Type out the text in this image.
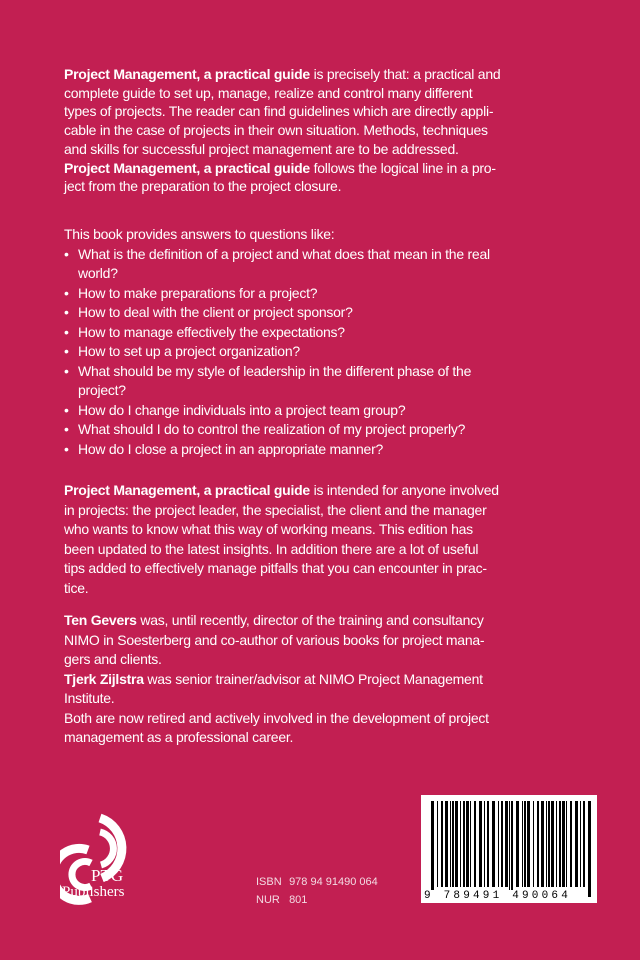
Project Management, a practical guide is precisely that: a practical and
complete guide to set up, manage, realize and control many different
types of projects. The reader can find guidelines which are directly appli-
cable in the case of projects in their own situation. Methods, techniques
and skills for successful project management are to be addressed.
Project Management, a practical guide follows the logical line in a pro-
ject from the preparation to the project closure.
This book provides answers to questions like:
• What is the definition of a project and what does that mean in the real
world?
• How to make preparations for a project?
• How to deal with the client or project sponsor?
• How to manage effectively the expectations?
• How to set up a project organization?
• What should be my style of leadership in the different phase of the
project?
• How do I change individuals into a project team group?
• What should I do to control the realization of my project properly?
• How do I close a project in an appropriate manner?
Project Management, a practical guide is intended for anyone involved
in projects: the project leader, the specialist, the client and the manager
who wants to know what this way of working means. This edition has
been updated to the latest insights. In addition there are a lot of useful
tips added to effectively manage pitfalls that you can encounter in prac-
tice.
Ten Gevers was, until recently, director of the training and consultancy
NIMO in Soesterberg and co-author of various books for project mana-
gers and clients.
Tjerk Zijlstra was senior trainer/advisor at NIMO Project Management
Institute.
Both are now retired and actively involved in the development of project
management as a professional career.
PTG
Publishers
ISBN 978 94 91490 064
NUR 801	9 789491 490064
